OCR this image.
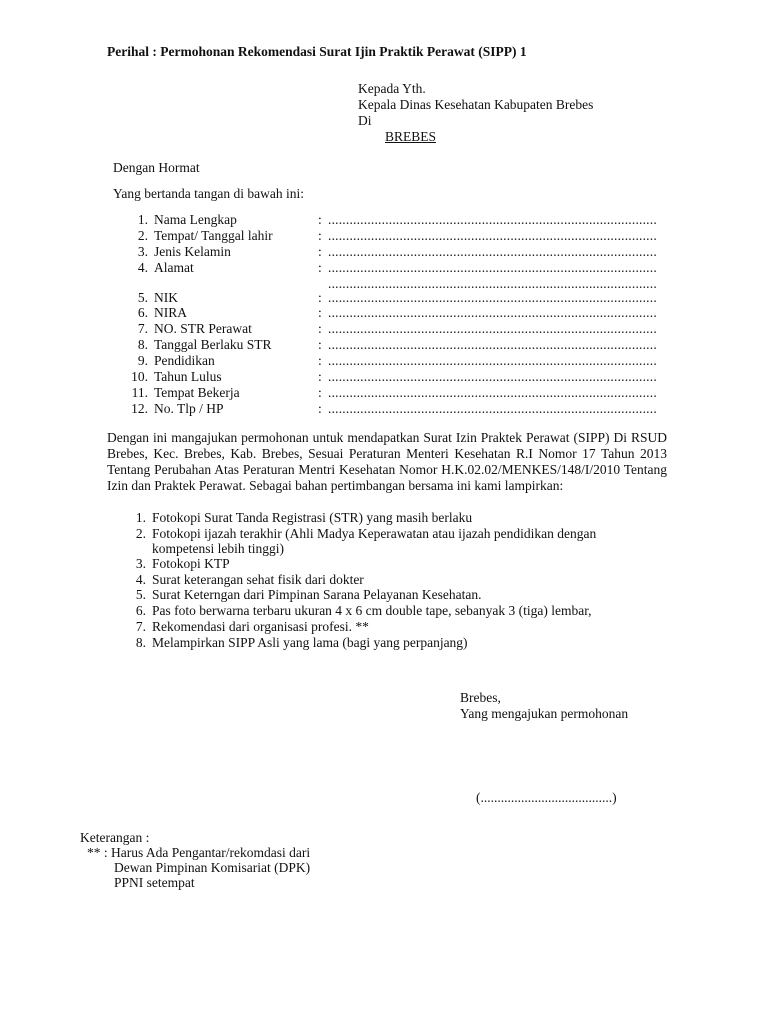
Perihal : Permohonan Rekomendasi Surat Ijin Praktik Perawat (SIPP) 1
Kepada Yth.
Kepala Dinas Kesehatan Kabupaten Brebes
Di
BREBES
Dengan Hormat
Yang bertanda tangan di bawah ini:
1. Nama Lengkap	: ............................................................................................
2. Tempat/ Tanggal lahir	: ............................................................................................
3. Jenis Kelamin	: ............................................................................................
4. Alamat	: ............................................................................................
............................................................................................
5. NIK	: ............................................................................................
6. NIRA	: ............................................................................................
7. NO. STR Perawat	: ............................................................................................
8. Tanggal Berlaku STR	: ............................................................................................
9. Pendidikan	: ............................................................................................
10. Tahun Lulus	: ............................................................................................
11. Tempat Bekerja	: ............................................................................................
12. No. Tlp / HP	: ............................................................................................

Dengan ini mangajukan permohonan untuk mendapatkan Surat Izin Praktek Perawat (SIPP) Di RSUD Brebes, Kec. Brebes, Kab. Brebes, Sesuai Peraturan Menteri Kesehatan R.I Nomor 17 Tahun 2013 Tentang Perubahan Atas Peraturan Mentri Kesehatan Nomor H.K.02.02/MENKES/148/I/2010 Tentang Izin dan Praktek Perawat. Sebagai bahan pertimbangan bersama ini kami lampirkan:

1. Fotokopi Surat Tanda Registrasi (STR) yang masih berlaku
2. Fotokopi ijazah terakhir (Ahli Madya Keperawatan atau ijazah pendidikan dengan
kompetensi lebih tinggi)
3. Fotokopi KTP
4. Surat keterangan sehat fisik dari dokter
5. Surat Keterngan dari Pimpinan Sarana Pelayanan Kesehatan.
6. Pas foto berwarna terbaru ukuran 4 x 6 cm double tape, sebanyak 3 (tiga) lembar,
7. Rekomendasi dari organisasi profesi. **
8. Melampirkan SIPP Asli yang lama (bagi yang perpanjang)
Brebes,
Yang mengajukan permohonan
(.......................................)
Keterangan :
** : Harus Ada Pengantar/rekomdasi dari
Dewan Pimpinan Komisariat (DPK)
PPNI setempat
